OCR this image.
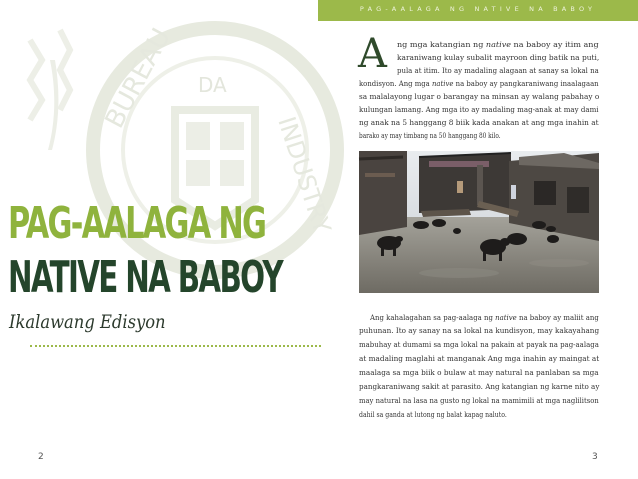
DA
BUREAU
INDUSTRY
PAG-AALAGA NG
NATIVE NA BABOY
Ikalawang Edisyon
2
PAG-AALAGA NG NATIVE NA BABOY
A ng mga katangian ng native na baboy ay itim ang
karaniwang kulay subalit mayroon ding batik na puti,
pula at itim. Ito ay madaling alagaan at sanay sa lokal na
kondisyon. Ang mga native na baboy ay pangkaraniwang inaalagaan
sa malalayong lugar o barangay na minsan ay walang pabahay o
kulungan lamang. Ang mga ito ay madaling mag-anak at may dami
ng anak na 5 hanggang 8 biik kada anakan at ang mga inahin at
barako ay may timbang na 50 hanggang 80 kilo.
Ang kahalagahan sa pag-aalaga ng native na baboy ay maliit ang
puhunan. Ito ay sanay na sa lokal na kundisyon, may kakayahang
mabuhay at dumami sa mga lokal na pakain at payak na pag-aalaga
at madaling maglahi at manganak Ang mga inahin ay maingat at
maalaga sa mga biik o bulaw at may natural na panlaban sa mga
pangkaraniwang sakit at parasito. Ang katangian ng karne nito ay
may natural na lasa na gusto ng lokal na mamimili at mga naglilitson
dahil sa ganda at lutong ng balat kapag naluto.
3
